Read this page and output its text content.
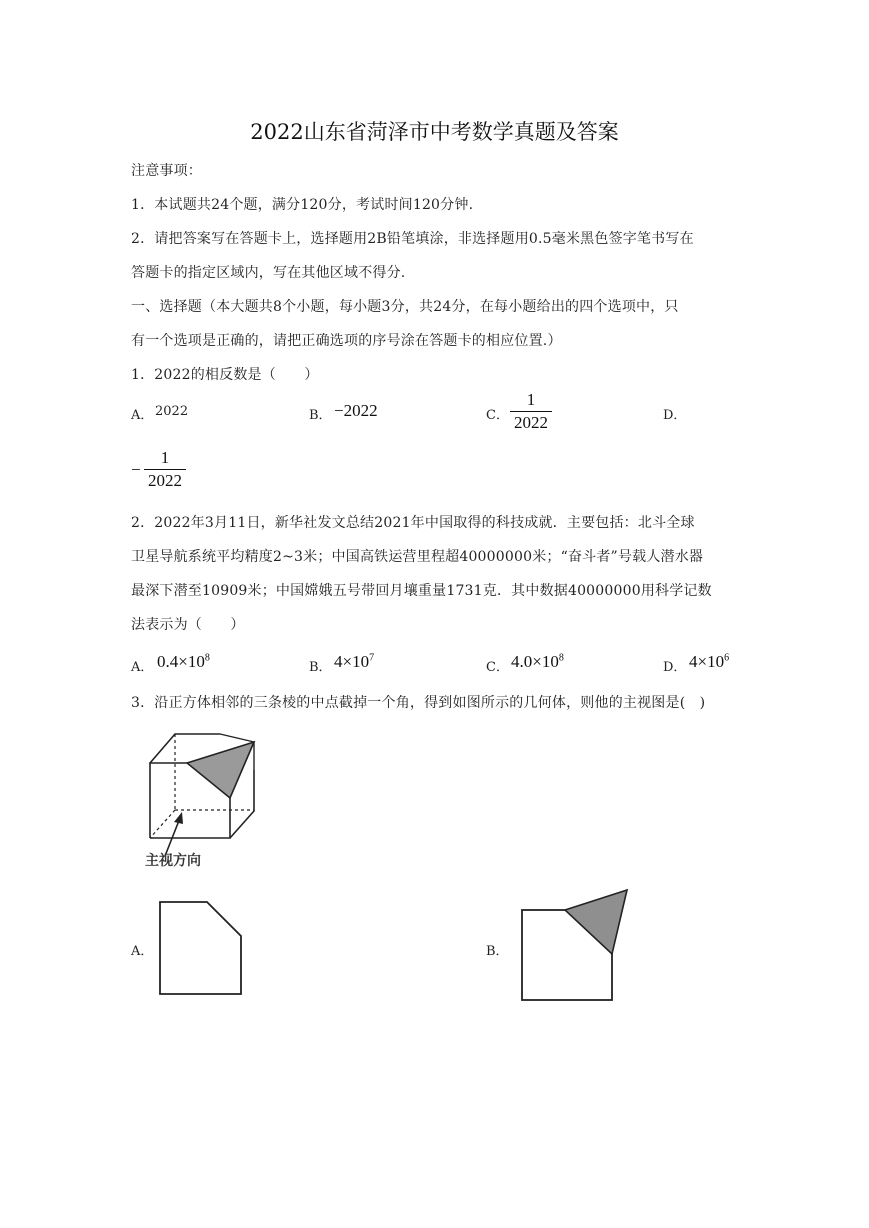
2022山东省菏泽市中考数学真题及答案
注意事项：
1．本试题共24个题，满分120分，考试时间120分钟.
2．请把答案写在答题卡上，选择题用2B铅笔填涂，非选择题用0.5毫米黑色签字笔书写在
答题卡的指定区域内，写在其他区域不得分.
一、选择题（本大题共8个小题，每小题3分，共24分，在每小题给出的四个选项中，只
有一个选项是正确的，请把正确选项的序号涂在答题卡的相应位置.）
1．2022的相反数是（　　）
A． 2022	B． −2022	C．
1
2022	D．
−
1
2022
2．2022年3月11日，新华社发文总结2021年中国取得的科技成就．主要包括：北斗全球
卫星导航系统平均精度2~3米；中国高铁运营里程超40000000米；“奋斗者”号载人潜水器
最深下潜至10909米；中国嫦娥五号带回月壤重量1731克．其中数据40000000用科学记数
法表示为（　　）
A． $0.4\times 10^8$
B． $4\times 10^7$
C． $4.0\times 10^8$
D． $4\times 10^6$
3．沿正方体相邻的三条棱的中点截掉一个角，得到如图所示的几何体，则他的主视图是(　)
主视方向
A．	B．
